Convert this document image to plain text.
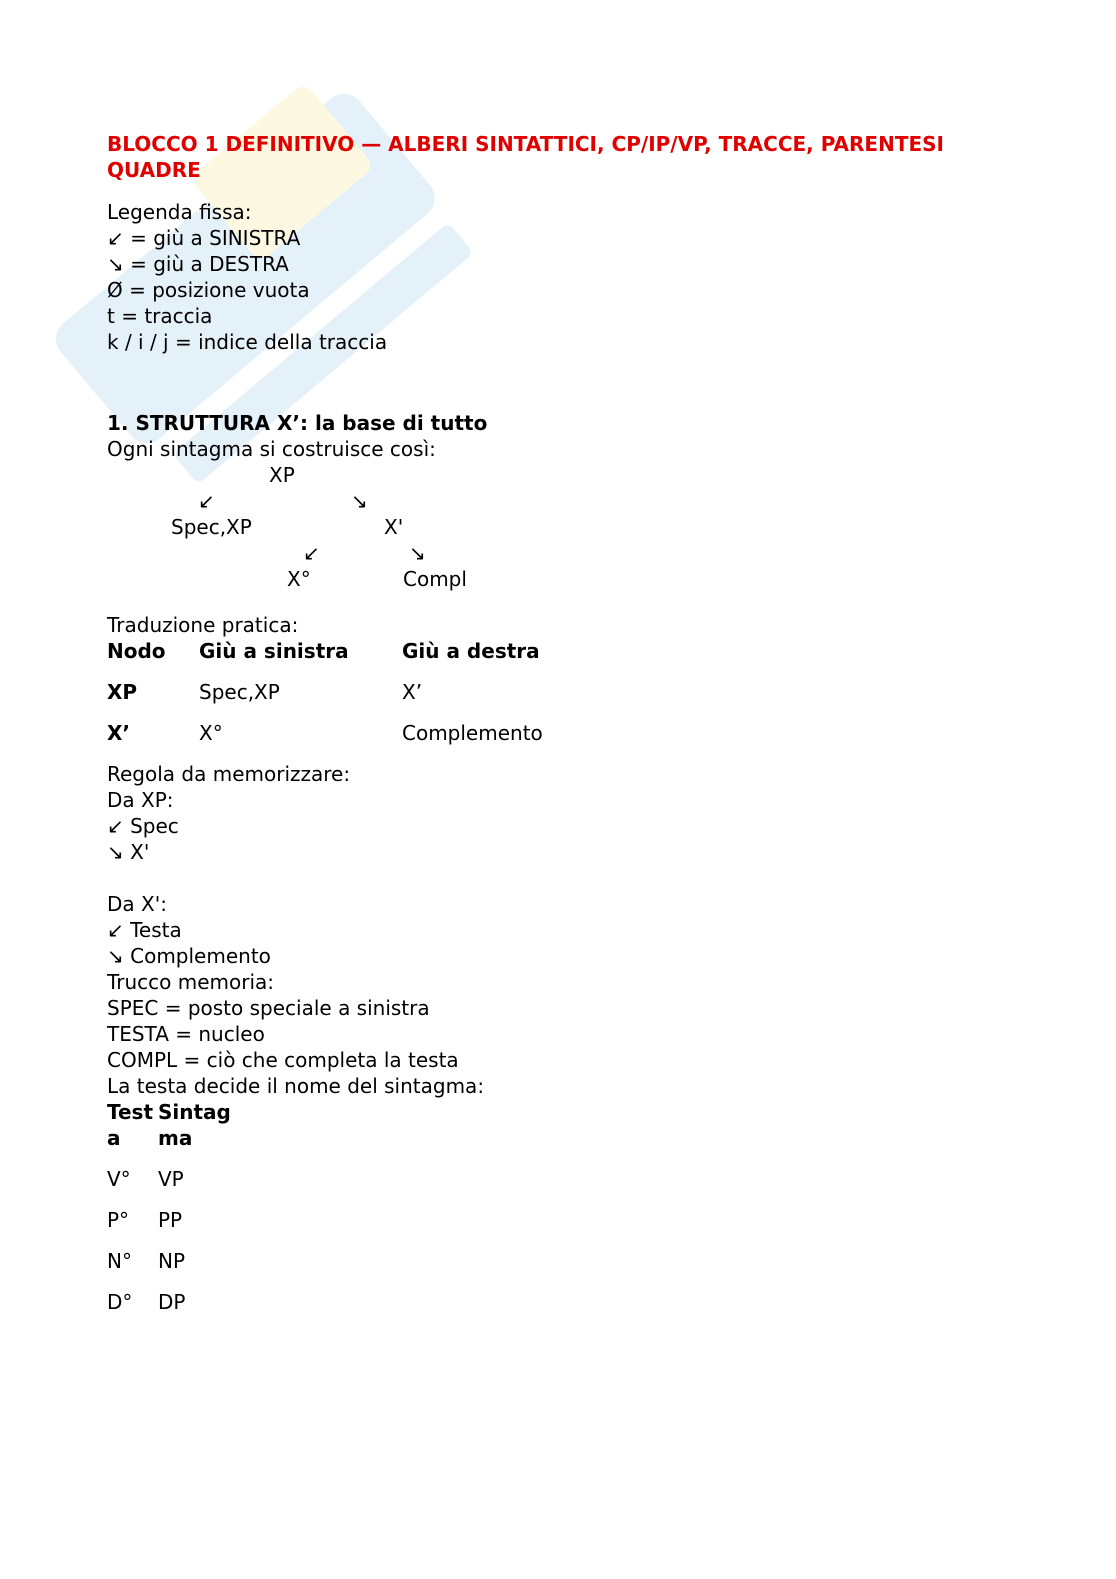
BLOCCO 1 DEFINITIVO — ALBERI SINTATTICI, CP/IP/VP, TRACCE, PARENTESI QUADRE

Legenda fissa:

↙ = giù a SINISTRA
↘ = giù a DESTRA
Ø = posizione vuota
t = traccia
k / i / j = indice della traccia

1. STRUTTURA X’: la base di tutto

Ogni sintagma si costruisce così:

XP
↙	↘
Spec,XP	X'
↙	↘
X°	Compl

Traduzione pratica:

Nodo	Giù a sinistra	Giù a destra
XP	Spec,XP	X’
X’	X°	Complemento

Regola da memorizzare:

Da XP:
↙ Spec
↘ X'

Da X':
↙ Testa
↘ Complemento

Trucco memoria:

SPEC = posto speciale a sinistra
TESTA = nucleo
COMPL = ciò che completa la testa

La testa decide il nome del sintagma:

Testa	Sintagma

V°	VP
P°	PP
N°	NP
D°	DP
